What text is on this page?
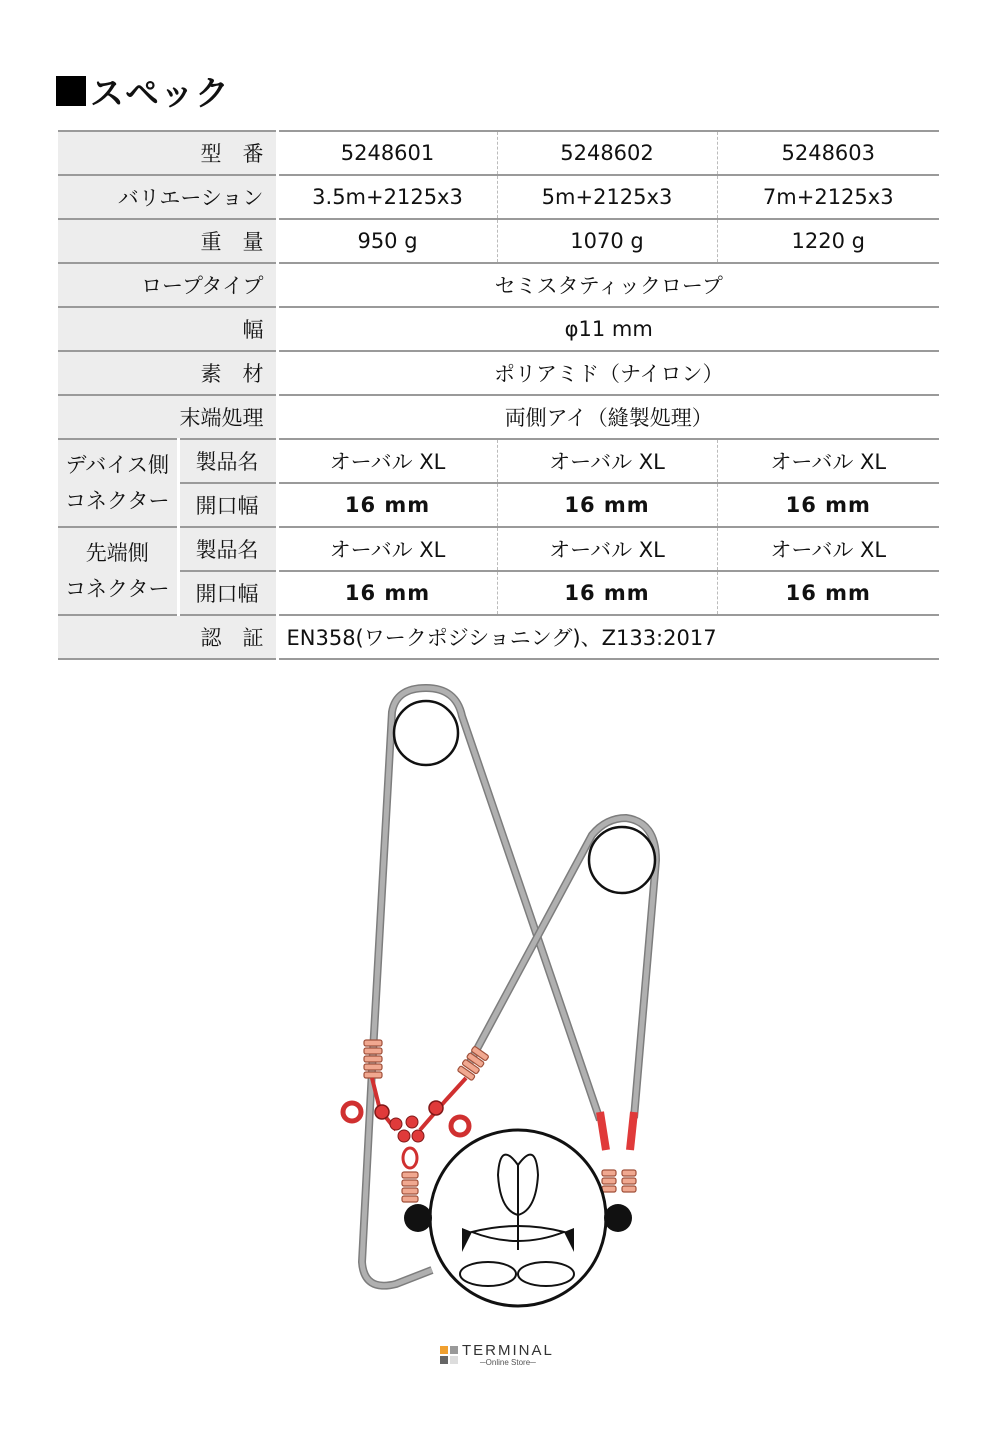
スペック
型　番		5248601	5248602	5248603
バリエーション		3.5m+2125x3	5m+2125x3	7m+2125x3
重　量		950 g	1070 g	1220 g
ロープタイプ		セミスタティックロープ		
幅		φ11 mm		
素　材		ポリアミド（ナイロン）		
末端処理		両側アイ（縫製処理）		

デバイス側
コネクター	製品名	オーバル XL	オーバル XL	オーバル XL
	開口幅	16 mm	16 mm	16 mm

先端側
コネクター	製品名	オーバル XL	オーバル XL	オーバル XL
	開口幅	16 mm	16 mm	16 mm
認　証		EN358(ワークポジショニング)、Z133:2017		
TERMINAL
─Online Store─
